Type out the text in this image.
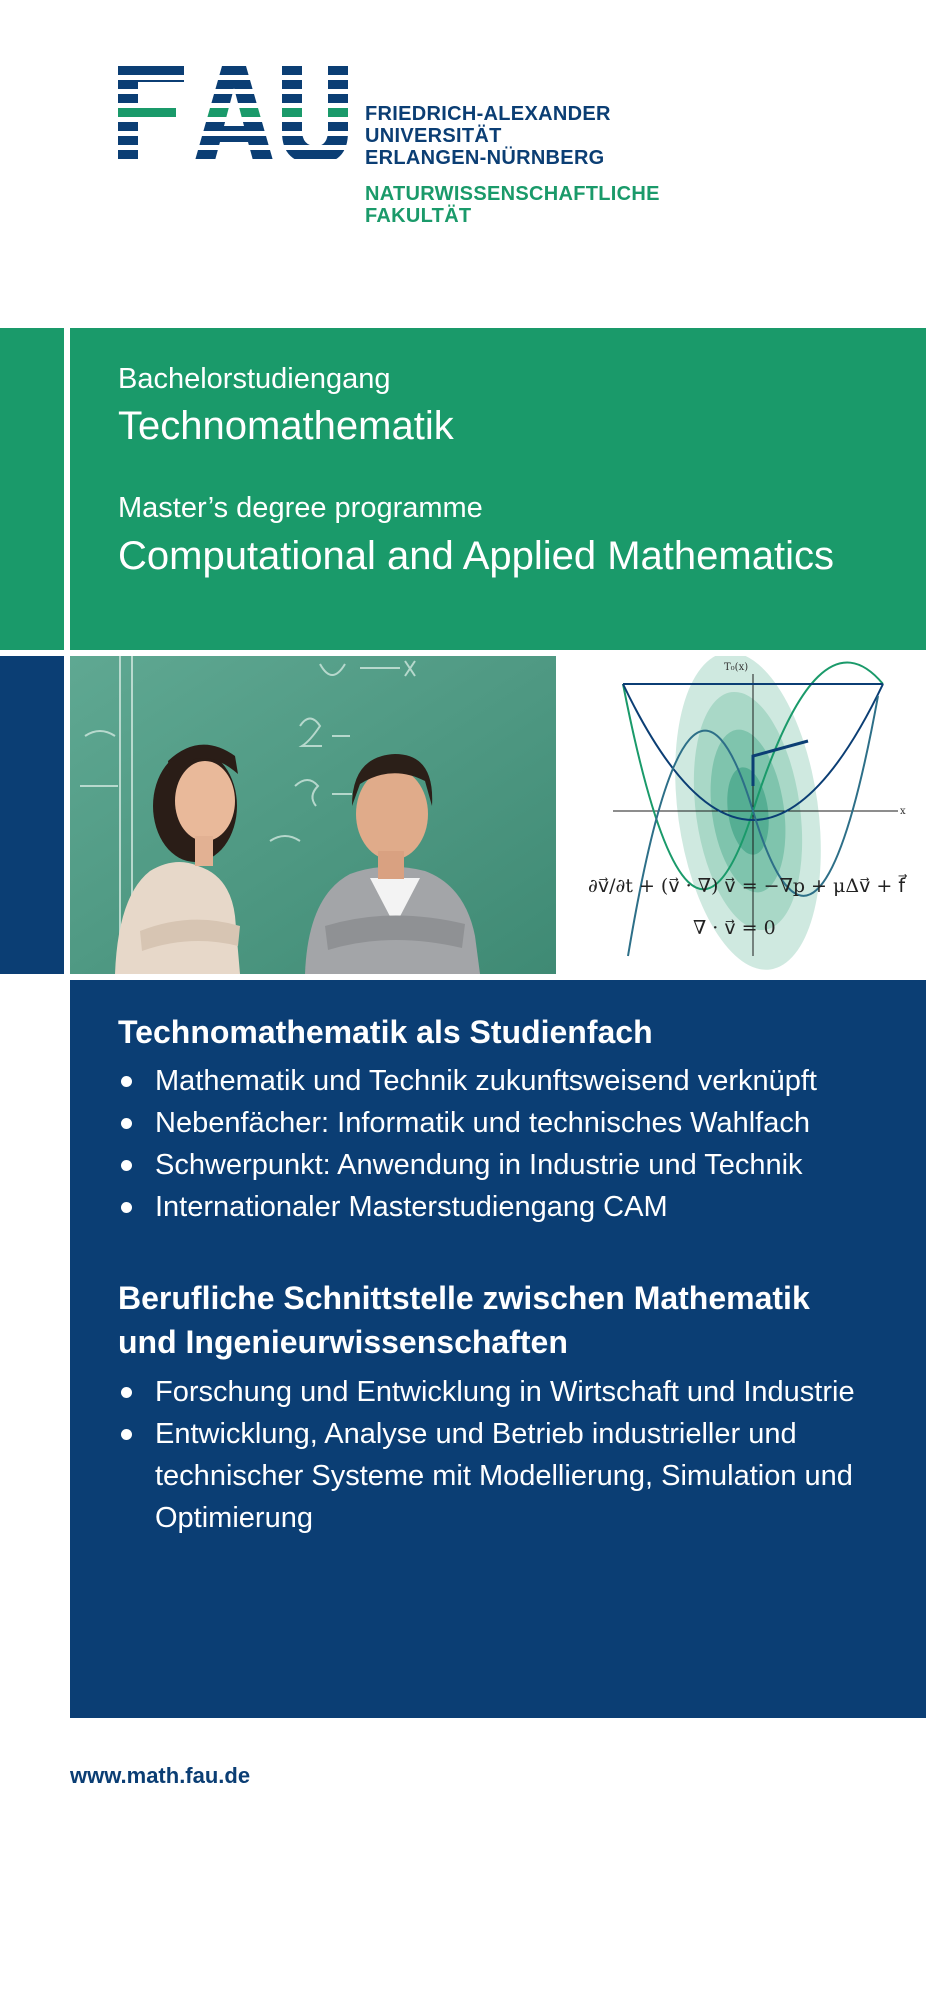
FRIEDRICH-ALEXANDER
UNIVERSITÄT
ERLANGEN-NÜRNBERG
NATURWISSENSCHAFTLICHE
FAKULTÄT
Bachelorstudiengang
Technomathematik
Master’s degree programme
Computational and Applied Mathematics
T₀(x)
x
∂v⃗/∂t + (v⃗ · ∇) v⃗ = −∇p + μΔv⃗ + f⃗
∇ · v⃗ = 0
Technomathematik als Studienfach
Mathematik und Technik zukunftsweisend verknüpft
Nebenfächer: Informatik und technisches Wahlfach
Schwerpunkt: Anwendung in Industrie und Technik
Internationaler Masterstudiengang CAM
Berufliche Schnittstelle zwischen Mathematik
und Ingenieurwissenschaften
Forschung und Entwicklung in Wirtschaft und Industrie
Entwicklung, Analyse und Betrieb industrieller und technischer Systeme mit Modellierung, Simulation und Optimierung
www.math.fau.de
